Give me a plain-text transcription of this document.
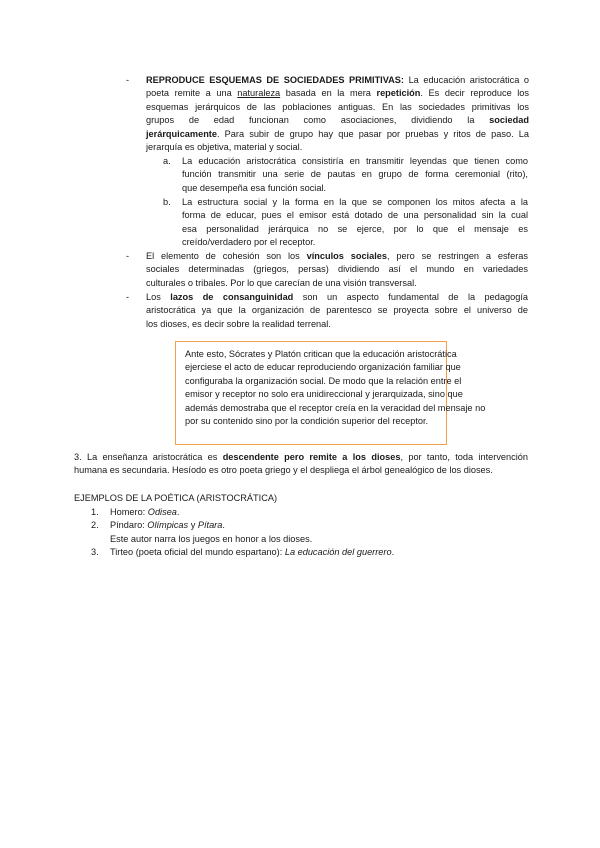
-	REPRODUCE ESQUEMAS DE SOCIEDADES PRIMITIVAS: La educación aristocrática o
poeta remite a una naturaleza basada en la mera repetición. Es decir reproduce los
esquemas jerárquicos de las poblaciones antiguas. En las sociedades primitivas los
grupos de edad funcionan como asociaciones, dividiendo la sociedad
jerárquicamente. Para subir de grupo hay que pasar por pruebas y ritos de paso. La
jerarquía es objetiva, material y social.
a. La educación aristocrática consistiría en transmitir leyendas que tienen como
función transmitir una serie de pautas en grupo de forma ceremonial (rito),
que desempeña esa función social.
b. La estructura social y la forma en la que se componen los mitos afecta a la
forma de educar, pues el emisor está dotado de una personalidad sin la cual
esa personalidad jerárquica no se ejerce, por lo que el mensaje es
creído/verdadero por el receptor.
-	El elemento de cohesión son los vínculos sociales, pero se restringen a esferas
sociales determinadas (griegos, persas) dividiendo así el mundo en variedades
culturales o tribales. Por lo que carecían de una visión transversal.
-	Los lazos de consanguinidad son un aspecto fundamental de la pedagogía
aristocrática ya que la organización de parentesco se proyecta sobre el universo de
los dioses, es decir sobre la realidad terrenal.
Ante esto, Sócrates y Platón critican que la educación aristocrática
ejerciese el acto de educar reproduciendo organización familiar que
configuraba la organización social. De modo que la relación entre el
emisor y receptor no solo era unidireccional y jerarquizada, sino que
además demostraba que el receptor creía en la veracidad del mensaje no
por su contenido sino por la condición superior del receptor.
3. La enseñanza aristocrática es descendente pero remite a los dioses, por tanto, toda intervención
humana es secundaria. Hesíodo es otro poeta griego y el despliega el árbol genealógico de los dioses.
EJEMPLOS DE LA POÉTICA (ARISTOCRÁTICA)
1. Homero: Odisea.
2. Píndaro: Olímpicas y Pítara.
Este autor narra los juegos en honor a los dioses.
3. Tirteo (poeta oficial del mundo espartano): La educación del guerrero.
